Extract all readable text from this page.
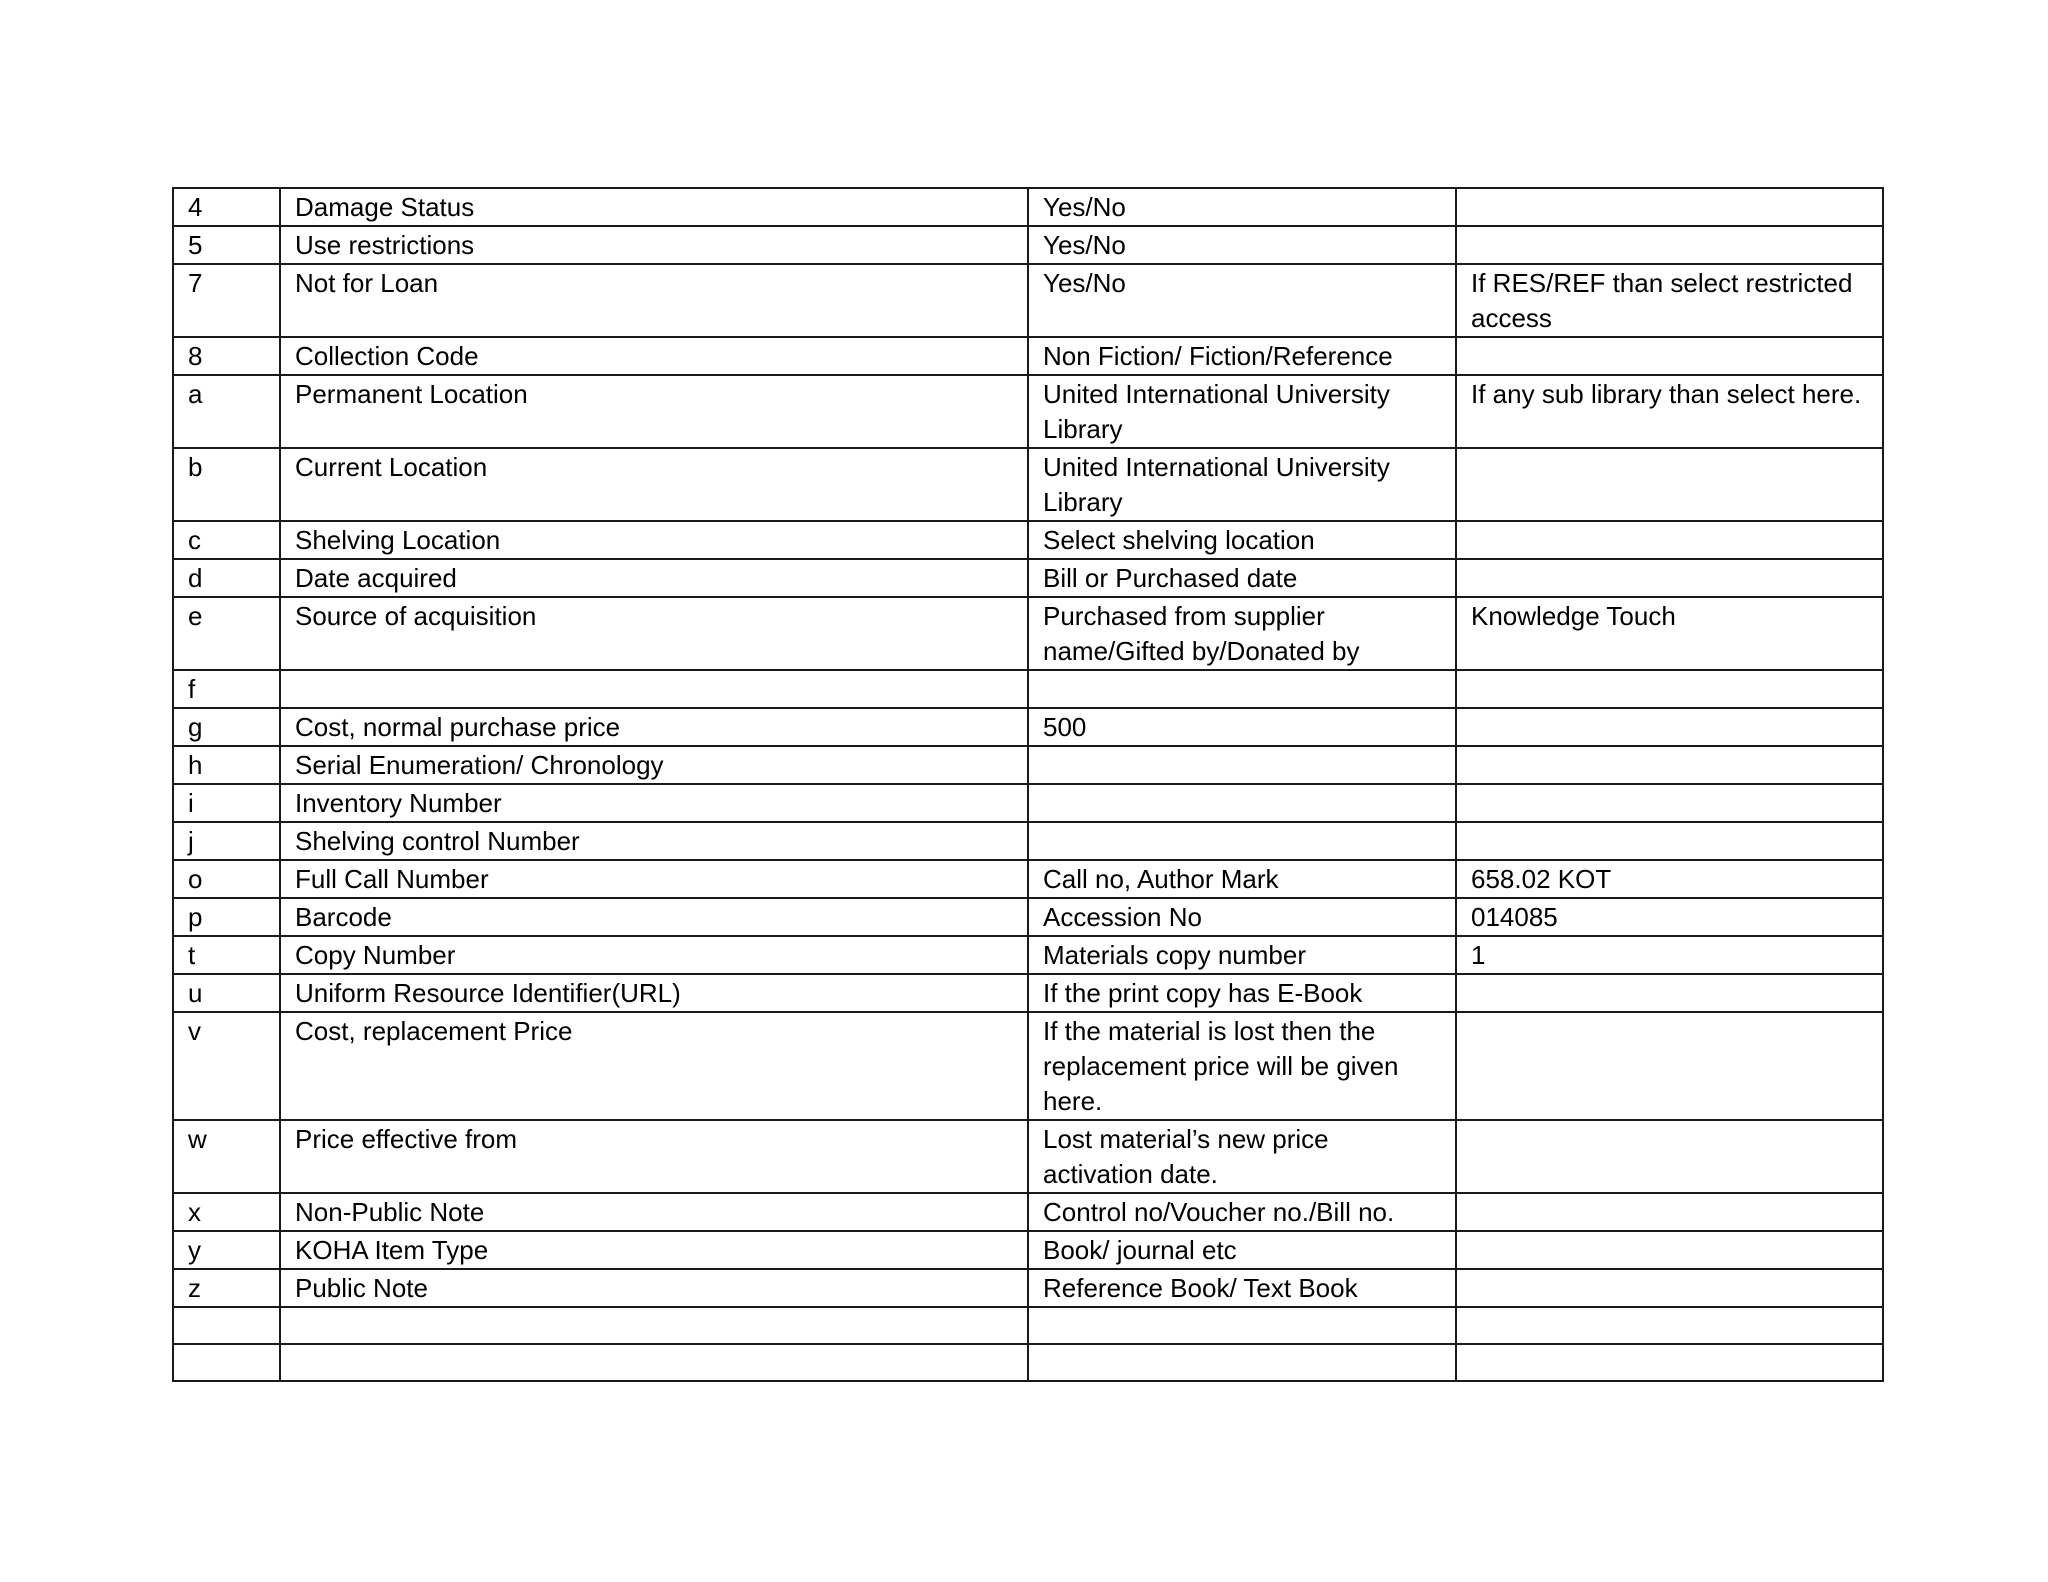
4	Damage Status	Yes/No	
5	Use restrictions	Yes/No	
7	Not for Loan	Yes/No	If RES/REF than select restricted access
8	Collection Code	Non Fiction/ Fiction/Reference	
a	Permanent Location	United International University Library	If any sub library than select here.
b	Current Location	United International University Library	
c	Shelving Location	Select shelving location	
d	Date acquired	Bill or Purchased date	
e	Source of acquisition	Purchased from supplier name/Gifted by/Donated by	Knowledge Touch
f			
g	Cost, normal purchase price	500	
h	Serial Enumeration/ Chronology		
i	Inventory Number		
j	Shelving control Number		
o	Full Call Number	Call no, Author Mark	658.02 KOT
p	Barcode	Accession No	014085
t	Copy Number	Materials copy number	1
u	Uniform Resource Identifier(URL)	If the print copy has E-Book	
v	Cost, replacement Price	If the material is lost then the replacement price will be given here.	
w	Price effective from	Lost material’s new price activation date.	
x	Non-Public Note	Control no/Voucher no./Bill no.	
y	KOHA Item Type	Book/ journal etc	
z	Public Note	Reference Book/ Text Book	
